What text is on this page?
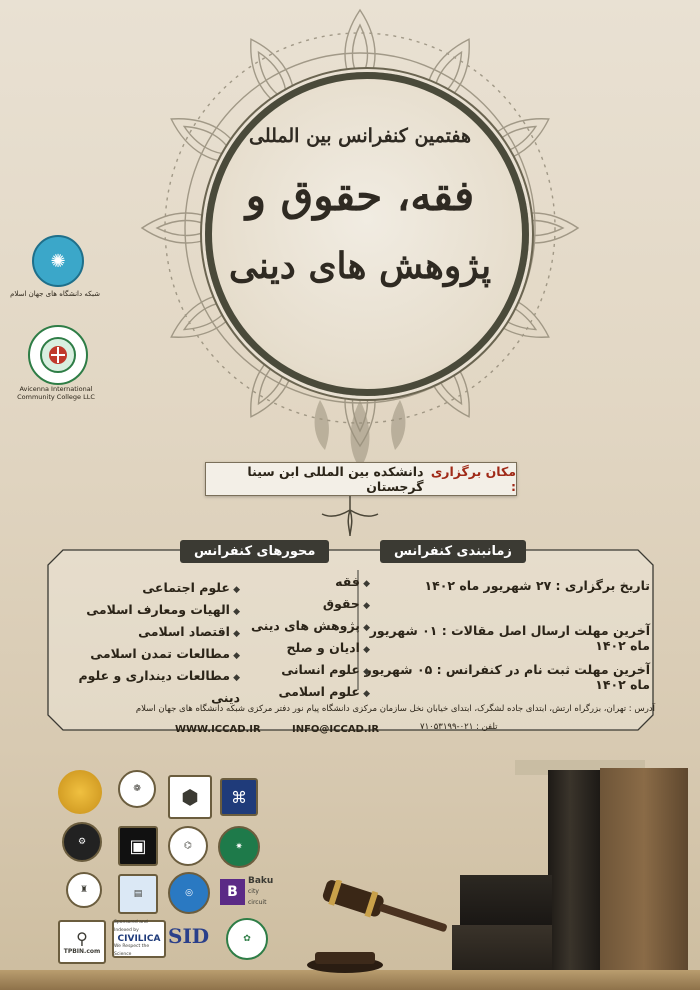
هفتمین کنفرانس بین المللی
فقه، حقوق و
پژوهش های دینی
مکان برگزاری :
دانشکده بین المللی ابن سینا گرجستان
زمانبندی کنفرانس
محورهای کنفرانس
◆ فقه
◆ حقوق
◆ پژوهش های دینی
◆ ادیان و صلح
◆ علوم انسانی
◆ علوم اسلامی
◆ علوم اجتماعی
◆ الهیات ومعارف اسلامی
◆ اقتصاد اسلامی
◆ مطالعات تمدن اسلامی
◆ مطالعات دینداری و علوم دینی
تاریخ برگزاری : ۲۷ شهریور ماه ۱۴۰۲
آخرین مهلت ارسال اصل مقالات : ۰۱ شهریور ماه ۱۴۰۲
آخرین مهلت ثبت نام در کنفرانس : ۰۵ شهریور ماه ۱۴۰۲
آدرس : تهران، بزرگراه ارتش، ابتدای جاده لشگرک، ابتدای خیابان نخل سازمان مرکزی دانشگاه پیام نور دفتر مرکزی شبکه دانشگاه های جهان اسلام
تلفن : ۰۲۱-۷۱۰۵۳۱۹۹
INFO@ICCAD.IR
WWW.ICCAD.IR
✺
شبکه دانشگاه های جهان اسلام
Avicenna International Community College LLC
❁	⬢	⌘
⚙	▣	⌬	✷
♜	▤	◎	B
Baku
city circuit
⚲
TPBIN.com
Sponsored and Indexed by
CIVILICA
We Respect the Science
SID	✿
